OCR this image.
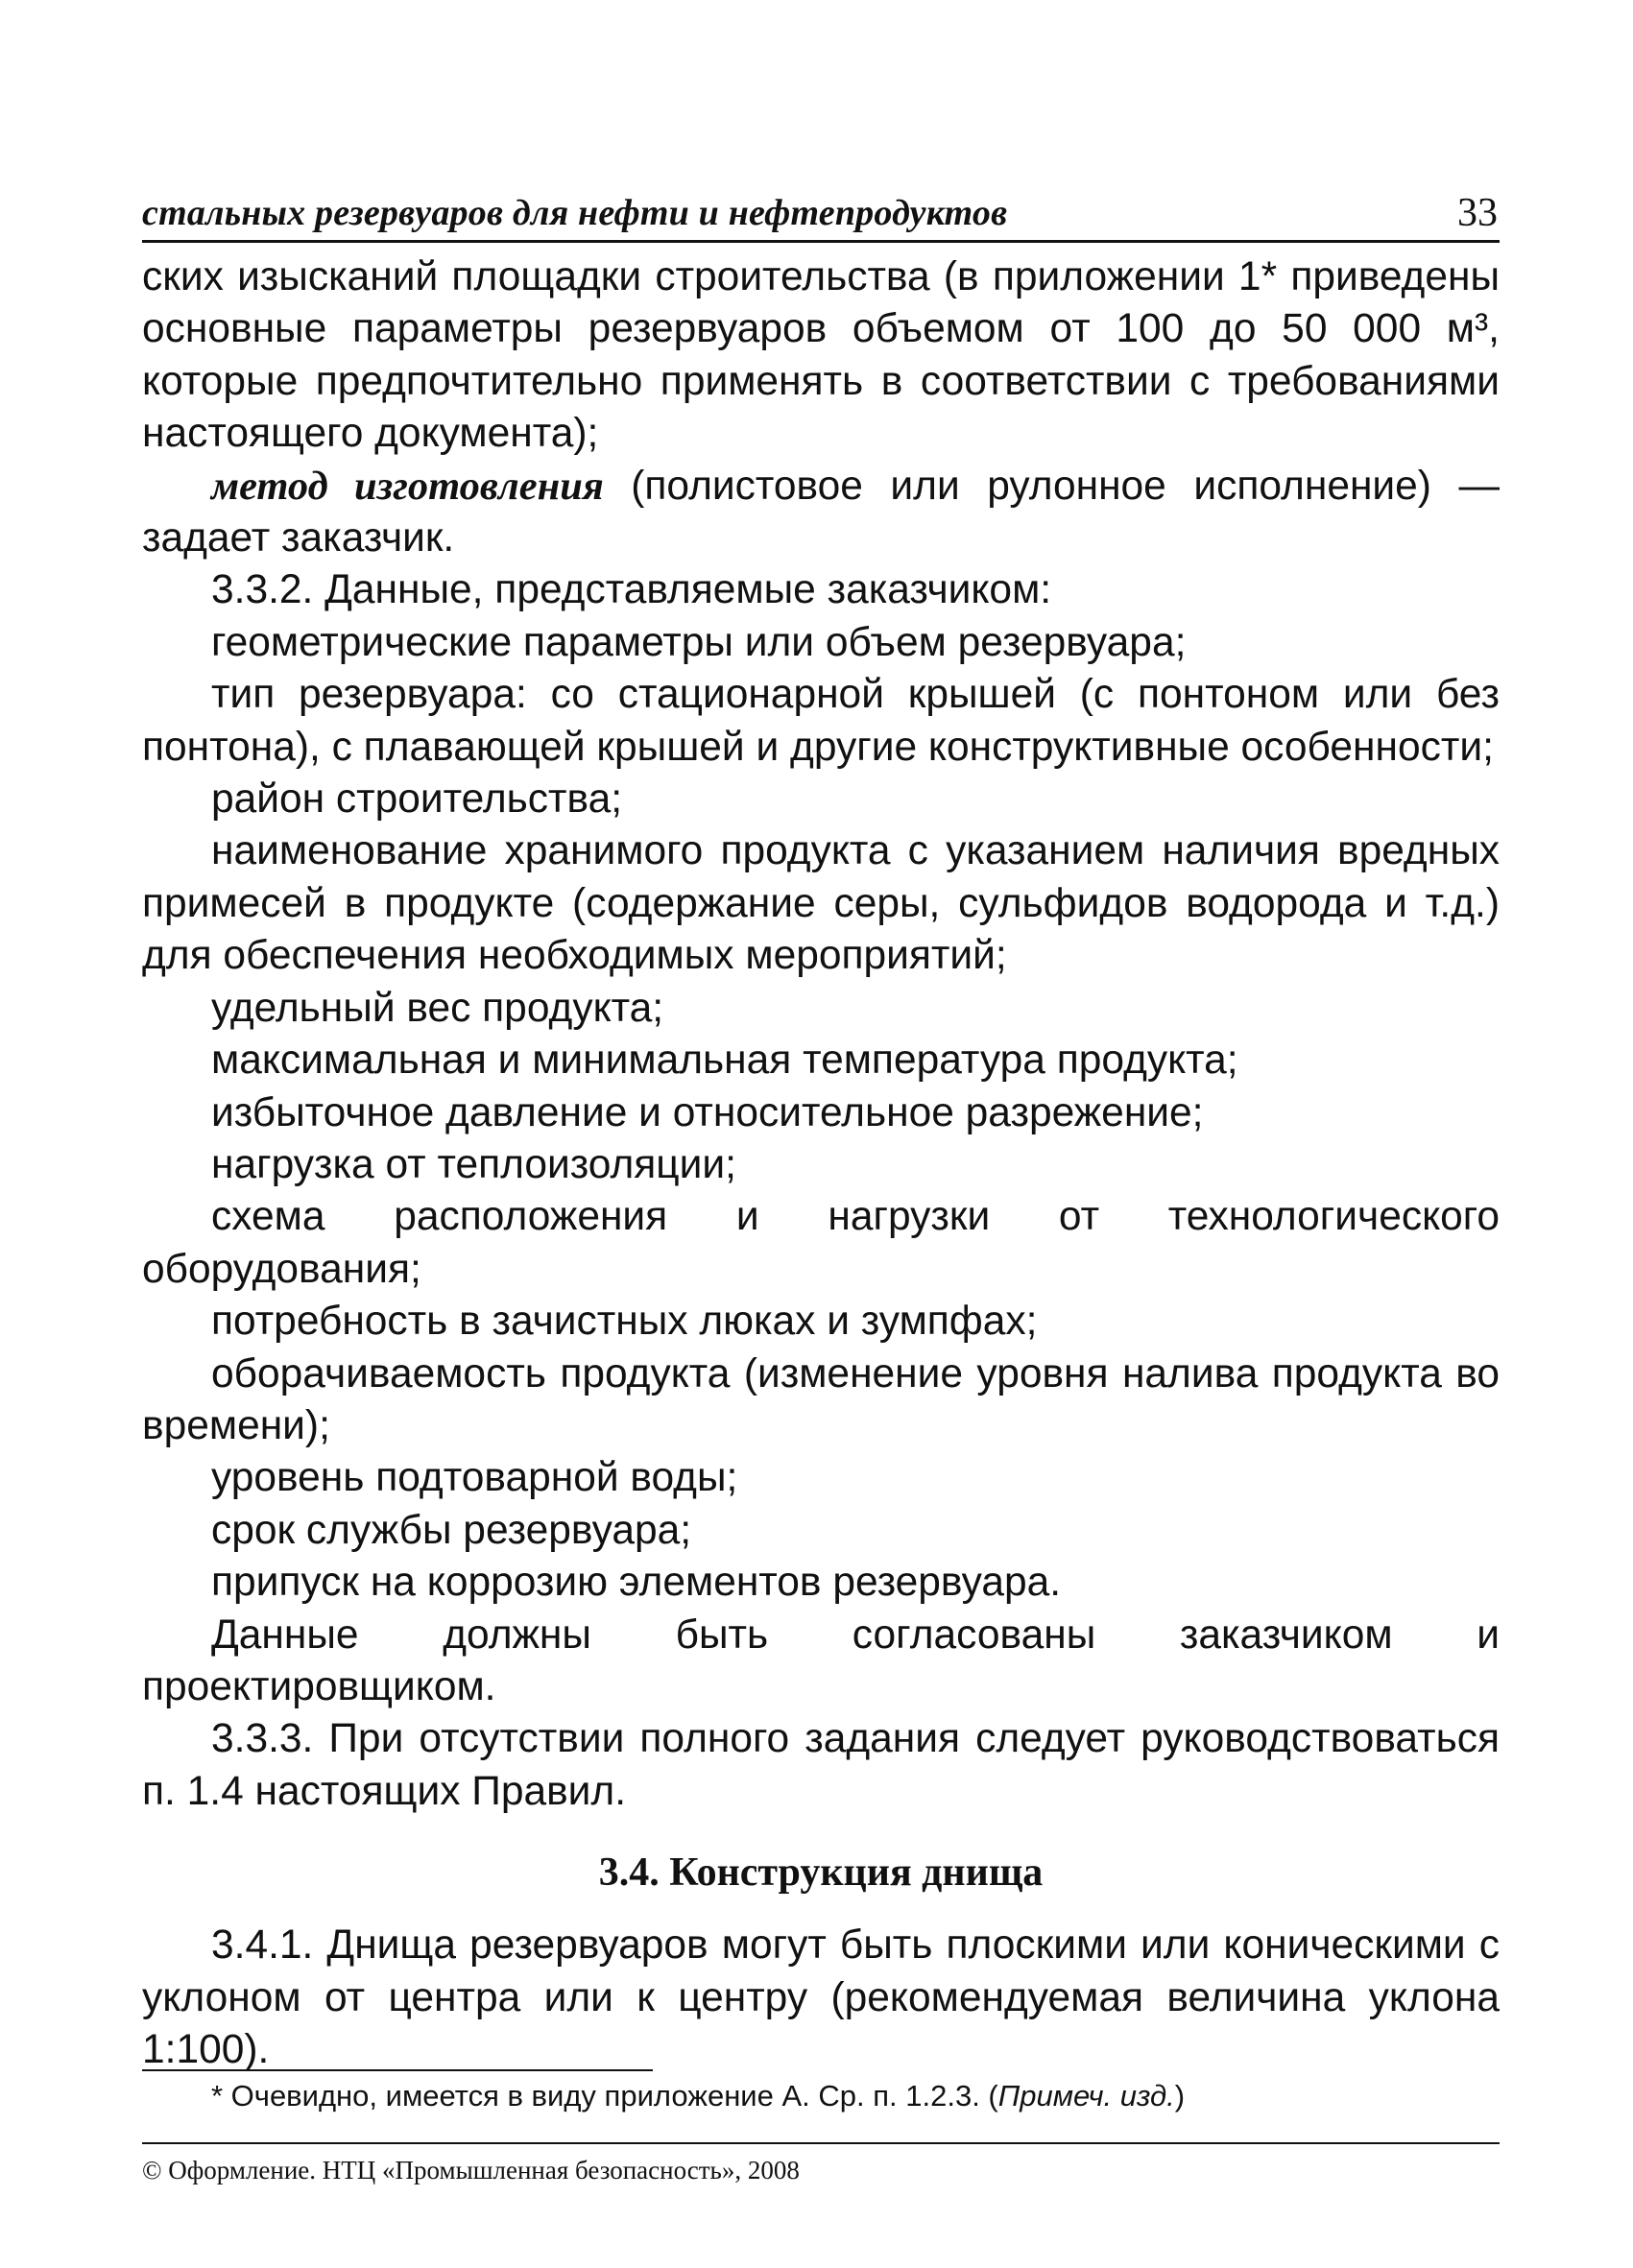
стальных резервуаров для нефти и нефтепродуктов	33

ских изысканий площадки строительства (в приложении 1* приведены основные параметры резервуаров объемом от 100 до 50 000 м³, которые предпочтительно применять в соответствии с требованиями настоящего документа);

метод изготовления (полистовое или рулонное исполнение) — задает заказчик.

3.3.2. Данные, представляемые заказчиком:

геометрические параметры или объем резервуара;

тип резервуара: со стационарной крышей (с понтоном или без понтона), с плавающей крышей и другие конструктивные особенности;

район строительства;

наименование хранимого продукта с указанием наличия вредных примесей в продукте (содержание серы, сульфидов водорода и т.д.) для обеспечения необходимых мероприятий;

удельный вес продукта;

максимальная и минимальная температура продукта;

избыточное давление и относительное разрежение;

нагрузка от теплоизоляции;

схема расположения и нагрузки от технологического оборудования;

потребность в зачистных люках и зумпфах;

оборачиваемость продукта (изменение уровня налива продукта во времени);

уровень подтоварной воды;

срок службы резервуара;

припуск на коррозию элементов резервуара.

Данные должны быть согласованы заказчиком и проектировщиком.

3.3.3. При отсутствии полного задания следует руководствоваться п. 1.4 настоящих Правил.

3.4. Конструкция днища

3.4.1. Днища резервуаров могут быть плоскими или коническими с уклоном от центра или к центру (рекомендуемая величина уклона 1:100).

* Очевидно, имеется в виду приложение А. Ср. п. 1.2.3. (Примеч. изд.)
© Оформление. НТЦ «Промышленная безопасность», 2008
